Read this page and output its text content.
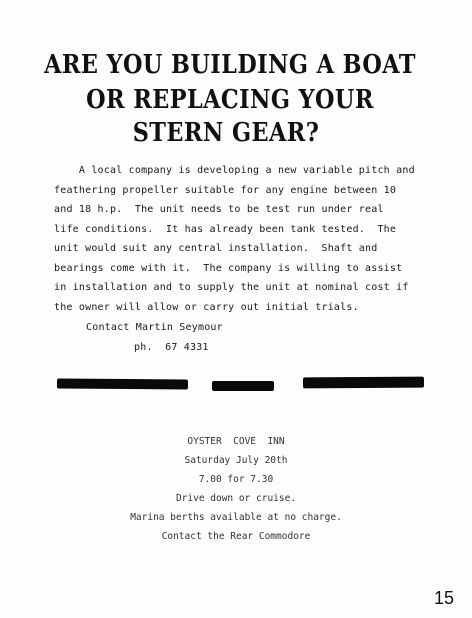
ARE YOU BUILDING A BOAT
OR REPLACING YOUR
STERN GEAR?
A local company is developing a new variable pitch and
feathering propeller suitable for any engine between 10
and 18 h.p.  The unit needs to be test run under real
life conditions.  It has already been tank tested.  The
unit would suit any central installation.  Shaft and
bearings come with it.  The company is willing to assist
in installation and to supply the unit at nominal cost if
the owner will allow or carry out initial trials.

Contact Martin Seymour

ph.  67 4331

OYSTER  COVE  INN

Saturday July 20th

7.00 for 7.30

Drive down or cruise.

Marina berths available at no charge.

Contact the Rear Commodore

15
